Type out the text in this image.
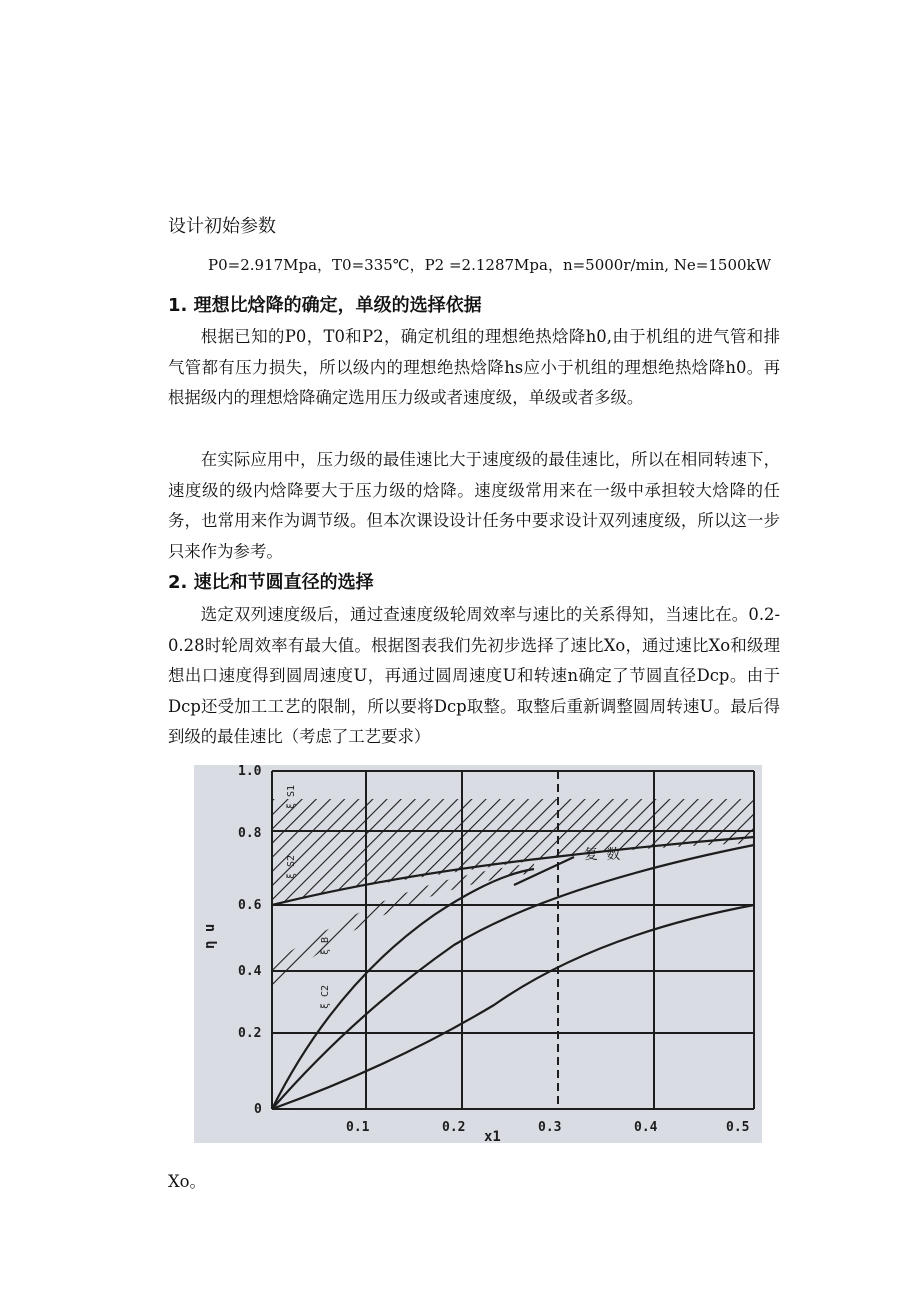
设计初始参数
P0=2.917Mpa，T0=335℃，P2 =2.1287Mpa，n=5000r/min, Ne=1500kW
1. 理想比焓降的确定，单级的选择依据

根据已知的P0，T0和P2，确定机组的理想绝热焓降h0,由于机组的进气管和排气管都有压力损失，所以级内的理想绝热焓降hs应小于机组的理想绝热焓降h0。再根据级内的理想焓降确定选用压力级或者速度级，单级或者多级。

在实际应用中，压力级的最佳速比大于速度级的最佳速比，所以在相同转速下，速度级的级内焓降要大于压力级的焓降。速度级常用来在一级中承担较大焓降的任务，也常用来作为调节级。但本次课设设计任务中要求设计双列速度级，所以这一步只来作为参考。

2. 速比和节圆直径的选择

选定双列速度级后，通过查速度级轮周效率与速比的关系得知，当速比在。0.2-0.28时轮周效率有最大值。根据图表我们先初步选择了速比Xo，通过速比Xo和级理想出口速度得到圆周速度U，再通过圆周速度U和转速n确定了节圆直径Dcp。由于Dcp还受加工工艺的限制，所以要将Dcp取整。取整后重新调整圆周转速U。最后得到级的最佳速比（考虑了工艺要求）

1.0
0.8
0.6
0.4
0.2
0
0.1	0.2	0.3	0.4	0.5
x1
η u
复 数
ξ S1
ξ S2
ξ B
ξ C2
Xo。
